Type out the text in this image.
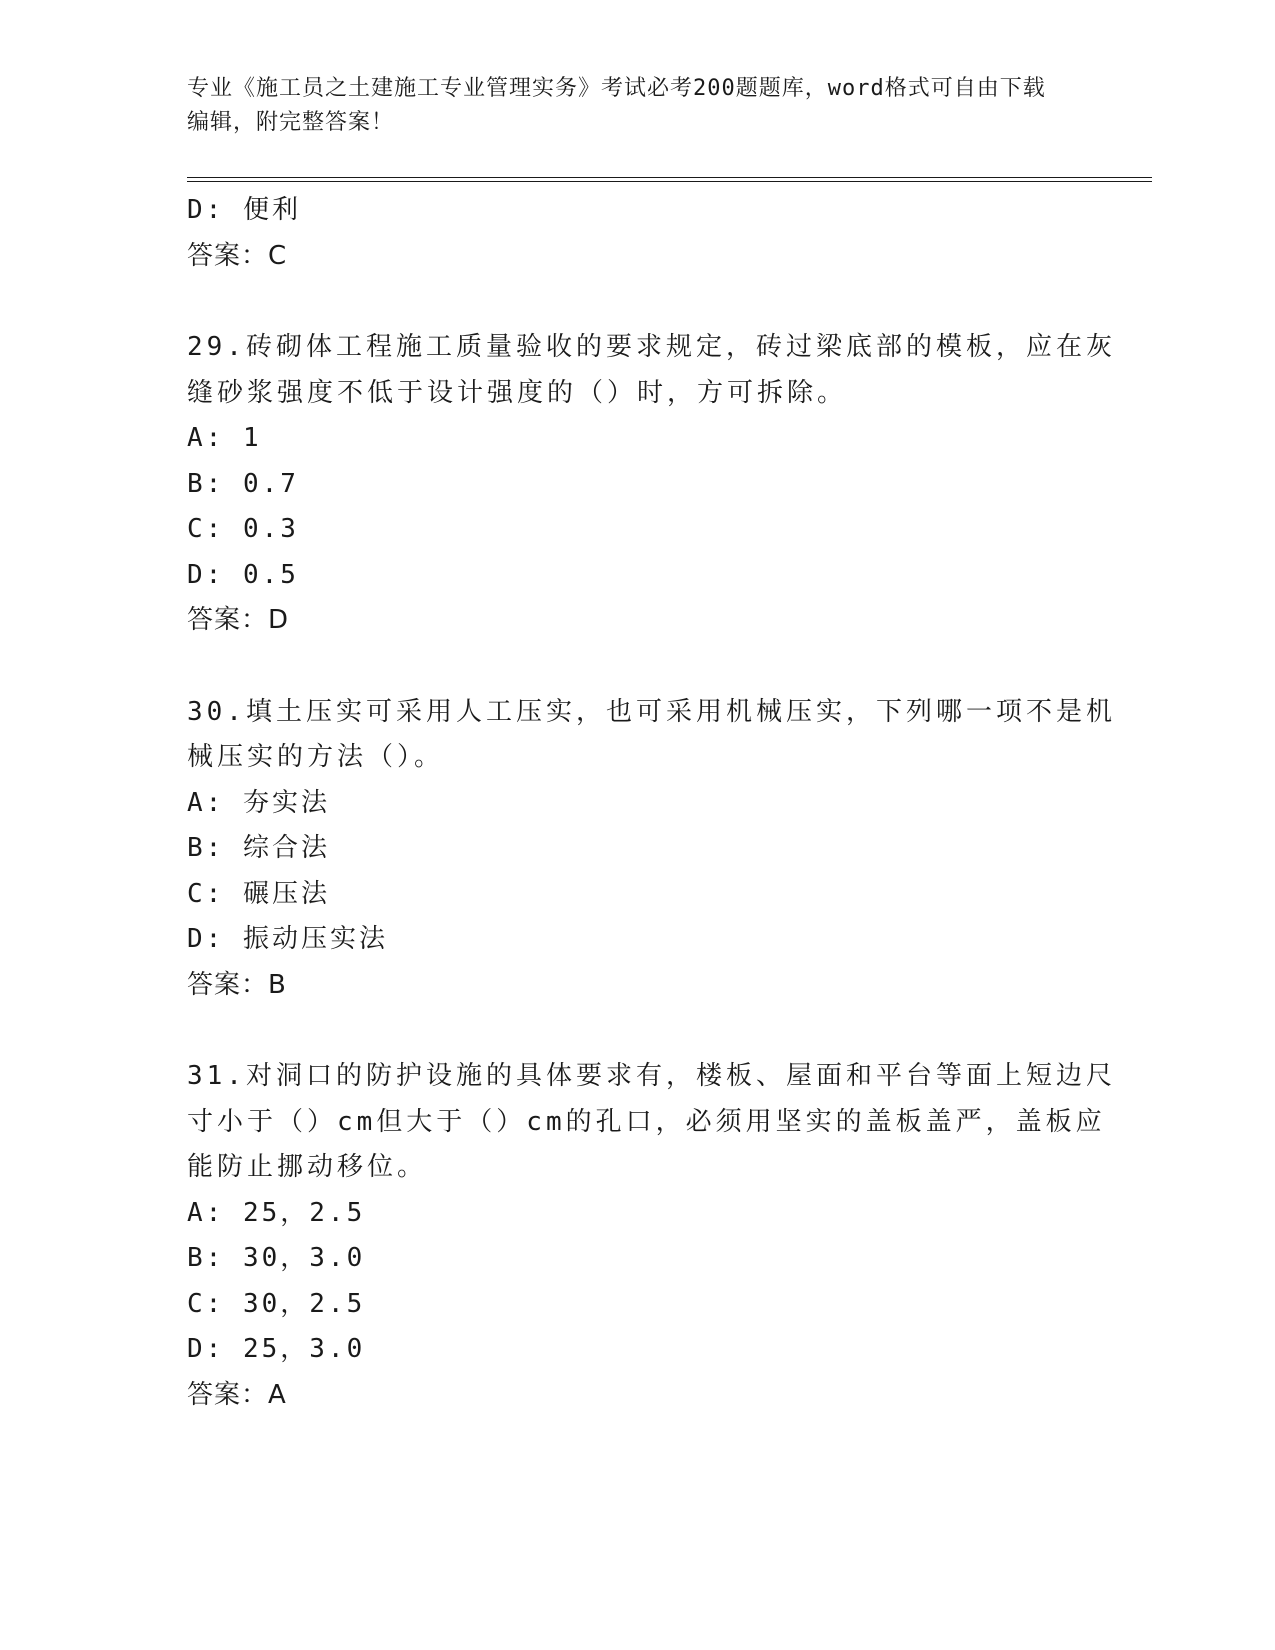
专业《施工员之土建施工专业管理实务》考试必考200题题库，word格式可自由下载编辑，附完整答案！
D: 便利
答案：C
29.砖砌体工程施工质量验收的要求规定，砖过梁底部的模板，应在灰
缝砂浆强度不低于设计强度的（）时，方可拆除。
A: 1
B: 0.7
C: 0.3
D: 0.5
答案：D
30.填土压实可采用人工压实，也可采用机械压实，下列哪一项不是机
械压实的方法（）。
A: 夯实法
B: 综合法
C: 碾压法
D: 振动压实法
答案：B
31.对洞口的防护设施的具体要求有，楼板、屋面和平台等面上短边尺
寸小于（）cm但大于（）cm的孔口，必须用坚实的盖板盖严，盖板应
能防止挪动移位。
A: 25，2.5
B: 30，3.0
C: 30，2.5
D: 25，3.0
答案：A
